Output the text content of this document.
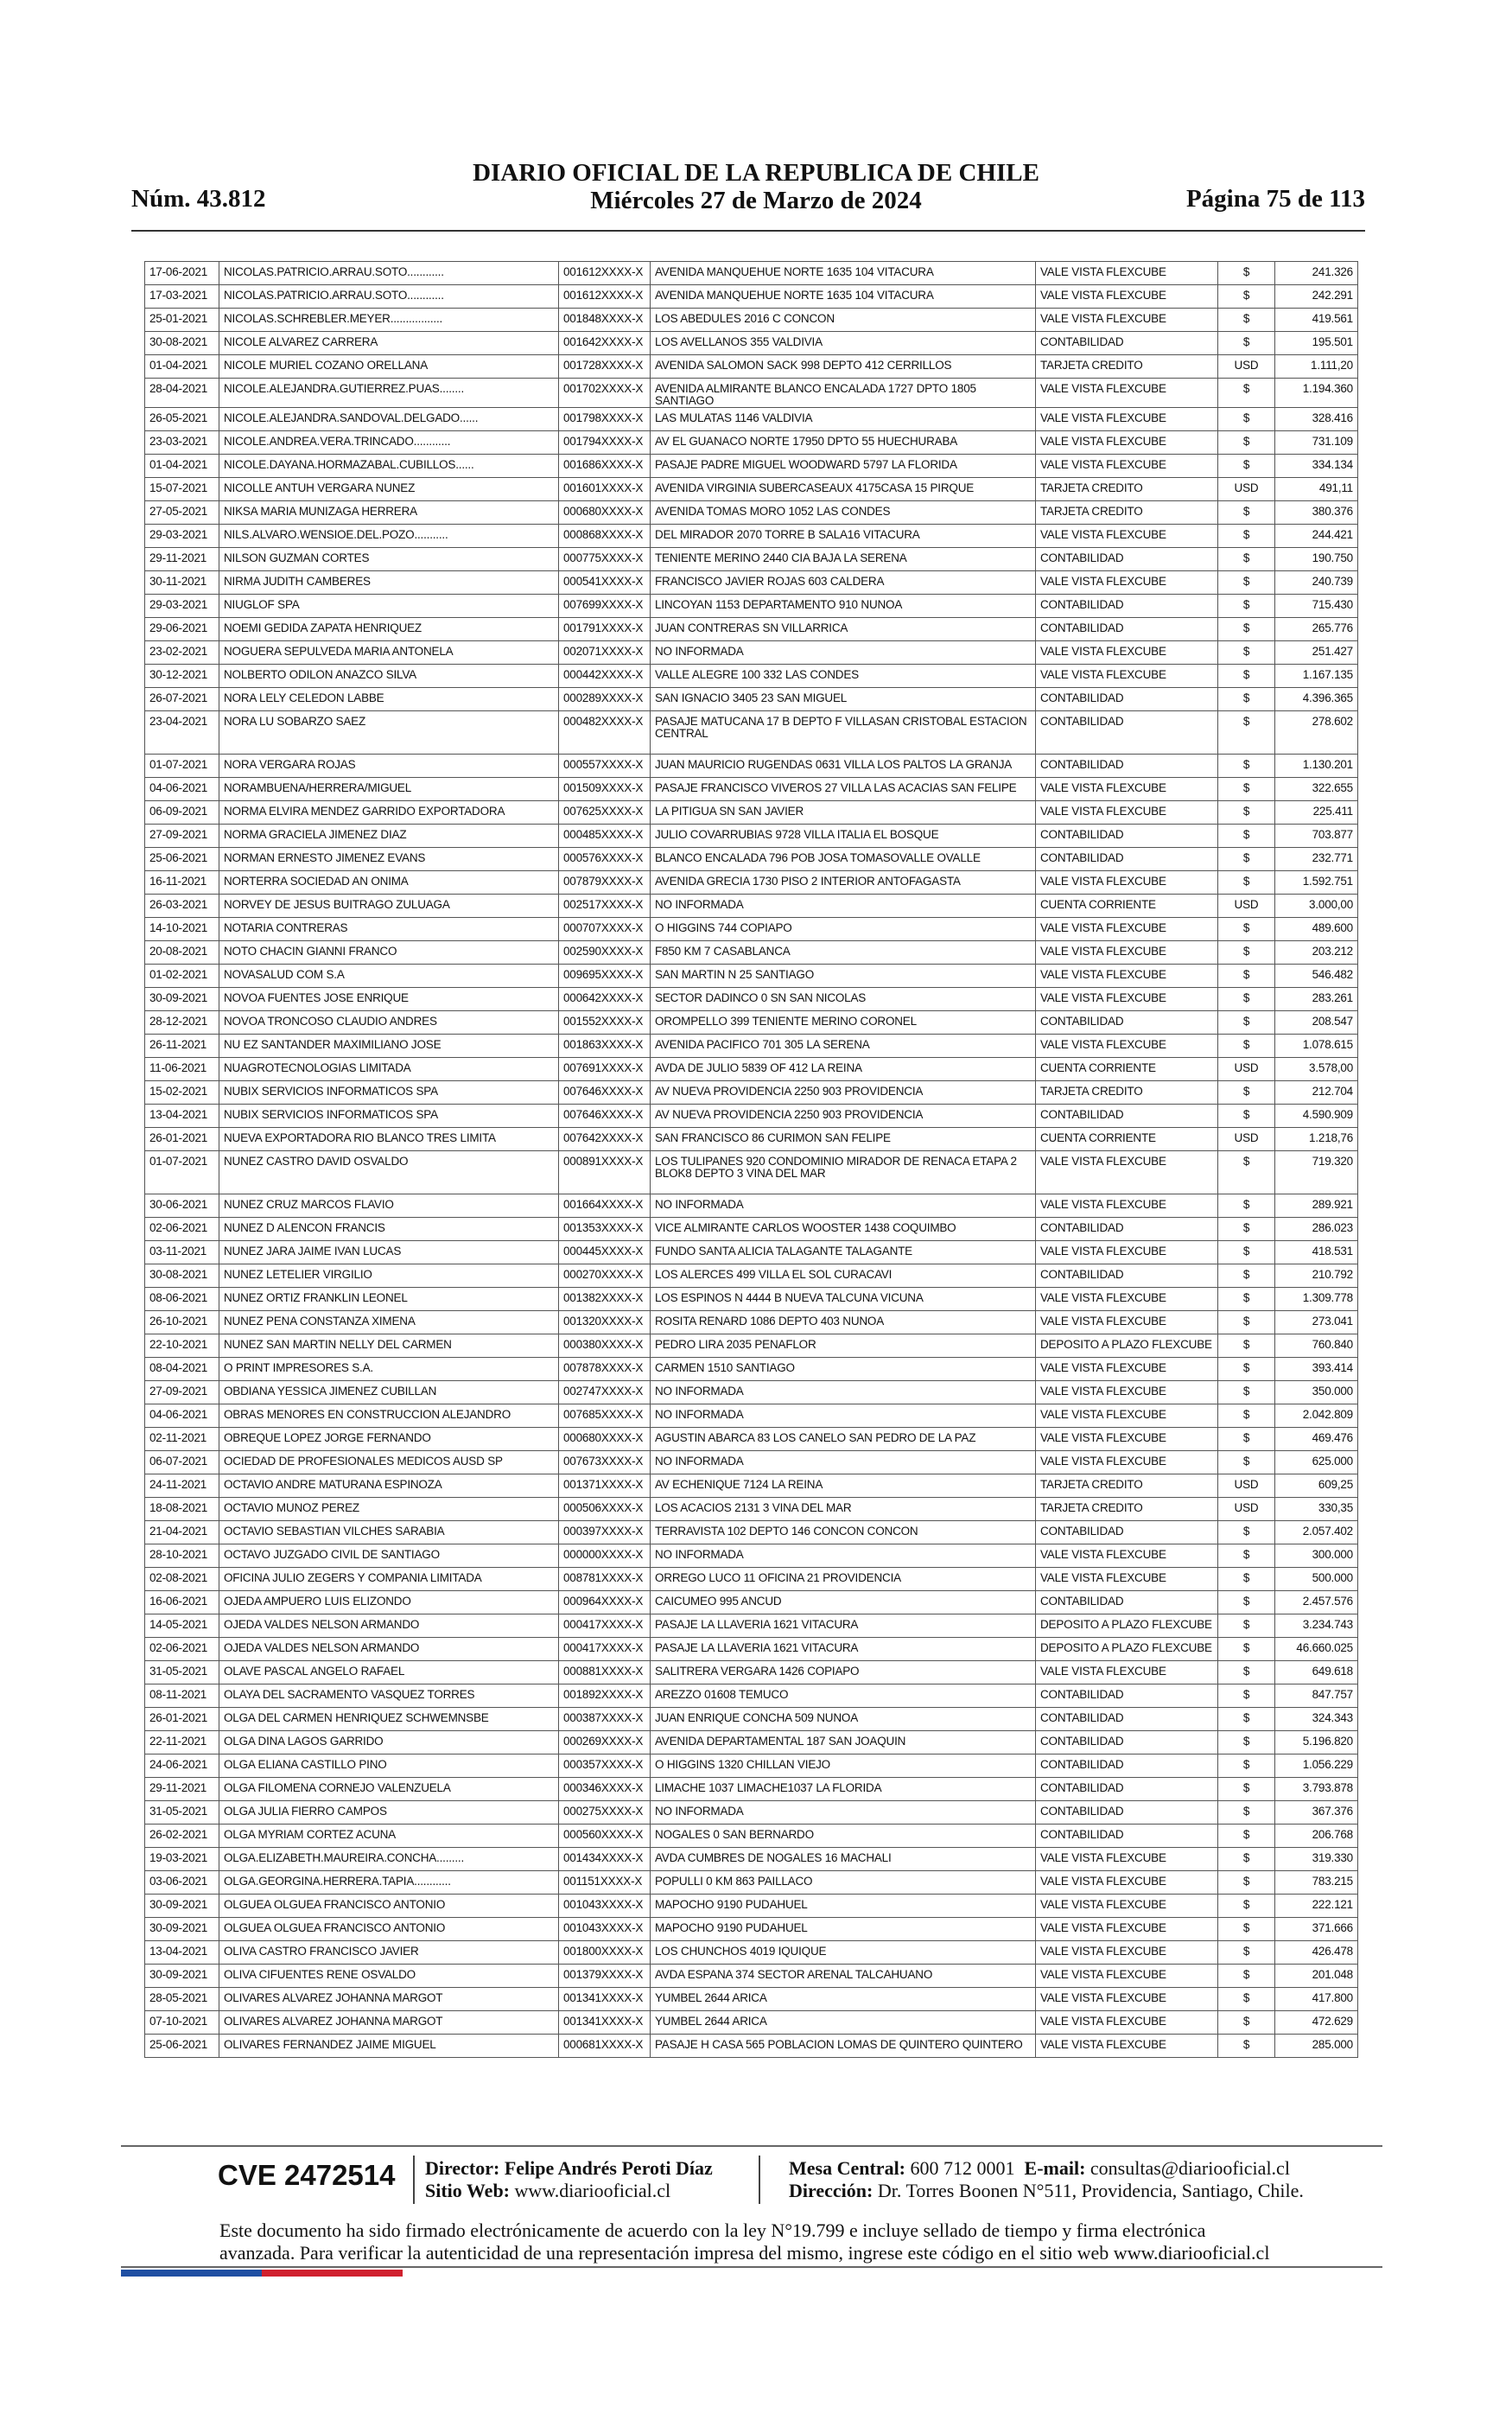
DIARIO OFICIAL DE LA REPUBLICA DE CHILE
Miércoles 27 de Marzo de 2024
Núm. 43.812	Página 75 de 113
17-06-2021	NICOLAS.PATRICIO.ARRAU.SOTO............	001612XXXX-X	AVENIDA MANQUEHUE NORTE 1635 104 VITACURA	VALE VISTA FLEXCUBE	$	241.326
17-03-2021	NICOLAS.PATRICIO.ARRAU.SOTO............	001612XXXX-X	AVENIDA MANQUEHUE NORTE 1635 104 VITACURA	VALE VISTA FLEXCUBE	$	242.291
25-01-2021	NICOLAS.SCHREBLER.MEYER.................	001848XXXX-X	LOS ABEDULES 2016 C CONCON	VALE VISTA FLEXCUBE	$	419.561
30-08-2021	NICOLE ALVAREZ CARRERA	001642XXXX-X	LOS AVELLANOS 355 VALDIVIA	CONTABILIDAD	$	195.501
01-04-2021	NICOLE MURIEL COZANO ORELLANA	001728XXXX-X	AVENIDA SALOMON SACK 998 DEPTO 412 CERRILLOS	TARJETA CREDITO	USD	1.111,20
28-04-2021	NICOLE.ALEJANDRA.GUTIERREZ.PUAS........	001702XXXX-X	AVENIDA ALMIRANTE BLANCO ENCALADA 1727 DPTO 1805 SANTIAGO	VALE VISTA FLEXCUBE	$	1.194.360
26-05-2021	NICOLE.ALEJANDRA.SANDOVAL.DELGADO......	001798XXXX-X	LAS MULATAS 1146 VALDIVIA	VALE VISTA FLEXCUBE	$	328.416
23-03-2021	NICOLE.ANDREA.VERA.TRINCADO............	001794XXXX-X	AV EL GUANACO NORTE 17950 DPTO 55 HUECHURABA	VALE VISTA FLEXCUBE	$	731.109
01-04-2021	NICOLE.DAYANA.HORMAZABAL.CUBILLOS......	001686XXXX-X	PASAJE PADRE MIGUEL WOODWARD 5797 LA FLORIDA	VALE VISTA FLEXCUBE	$	334.134
15-07-2021	NICOLLE ANTUH VERGARA NUNEZ	001601XXXX-X	AVENIDA VIRGINIA SUBERCASEAUX 4175CASA 15 PIRQUE	TARJETA CREDITO	USD	491,11
27-05-2021	NIKSA MARIA MUNIZAGA HERRERA	000680XXXX-X	AVENIDA TOMAS MORO 1052 LAS CONDES	TARJETA CREDITO	$	380.376
29-03-2021	NILS.ALVARO.WENSIOE.DEL.POZO...........	000868XXXX-X	DEL MIRADOR 2070 TORRE B SALA16 VITACURA	VALE VISTA FLEXCUBE	$	244.421
29-11-2021	NILSON GUZMAN CORTES	000775XXXX-X	TENIENTE MERINO 2440 CIA BAJA LA SERENA	CONTABILIDAD	$	190.750
30-11-2021	NIRMA JUDITH CAMBERES	000541XXXX-X	FRANCISCO JAVIER ROJAS 603 CALDERA	VALE VISTA FLEXCUBE	$	240.739
29-03-2021	NIUGLOF SPA	007699XXXX-X	LINCOYAN 1153 DEPARTAMENTO 910 NUNOA	CONTABILIDAD	$	715.430
29-06-2021	NOEMI GEDIDA ZAPATA HENRIQUEZ	001791XXXX-X	JUAN CONTRERAS SN VILLARRICA	CONTABILIDAD	$	265.776
23-02-2021	NOGUERA SEPULVEDA MARIA ANTONELA	002071XXXX-X	NO INFORMADA	VALE VISTA FLEXCUBE	$	251.427
30-12-2021	NOLBERTO ODILON ANAZCO SILVA	000442XXXX-X	VALLE ALEGRE 100 332 LAS CONDES	VALE VISTA FLEXCUBE	$	1.167.135
26-07-2021	NORA LELY CELEDON LABBE	000289XXXX-X	SAN IGNACIO 3405 23 SAN MIGUEL	CONTABILIDAD	$	4.396.365
23-04-2021	NORA LU SOBARZO SAEZ	000482XXXX-X	PASAJE MATUCANA 17 B DEPTO F VILLASAN CRISTOBAL ESTACION CENTRAL	CONTABILIDAD	$	278.602
01-07-2021	NORA VERGARA ROJAS	000557XXXX-X	JUAN MAURICIO RUGENDAS 0631 VILLA LOS PALTOS LA GRANJA	CONTABILIDAD	$	1.130.201
04-06-2021	NORAMBUENA/HERRERA/MIGUEL	001509XXXX-X	PASAJE FRANCISCO VIVEROS 27 VILLA LAS ACACIAS SAN FELIPE	VALE VISTA FLEXCUBE	$	322.655
06-09-2021	NORMA ELVIRA MENDEZ GARRIDO EXPORTADORA	007625XXXX-X	LA PITIGUA SN SAN JAVIER	VALE VISTA FLEXCUBE	$	225.411
27-09-2021	NORMA GRACIELA JIMENEZ DIAZ	000485XXXX-X	JULIO COVARRUBIAS 9728 VILLA ITALIA EL BOSQUE	CONTABILIDAD	$	703.877
25-06-2021	NORMAN ERNESTO JIMENEZ EVANS	000576XXXX-X	BLANCO ENCALADA 796 POB JOSA TOMASOVALLE OVALLE	CONTABILIDAD	$	232.771
16-11-2021	NORTERRA SOCIEDAD AN ONIMA	007879XXXX-X	AVENIDA GRECIA 1730 PISO 2 INTERIOR ANTOFAGASTA	VALE VISTA FLEXCUBE	$	1.592.751
26-03-2021	NORVEY DE JESUS BUITRAGO ZULUAGA	002517XXXX-X	NO INFORMADA	CUENTA CORRIENTE	USD	3.000,00
14-10-2021	NOTARIA CONTRERAS	000707XXXX-X	O HIGGINS 744 COPIAPO	VALE VISTA FLEXCUBE	$	489.600
20-08-2021	NOTO CHACIN GIANNI FRANCO	002590XXXX-X	F850 KM 7 CASABLANCA	VALE VISTA FLEXCUBE	$	203.212
01-02-2021	NOVASALUD COM S.A	009695XXXX-X	SAN MARTIN N 25 SANTIAGO	VALE VISTA FLEXCUBE	$	546.482
30-09-2021	NOVOA FUENTES JOSE ENRIQUE	000642XXXX-X	SECTOR DADINCO 0 SN SAN NICOLAS	VALE VISTA FLEXCUBE	$	283.261
28-12-2021	NOVOA TRONCOSO CLAUDIO ANDRES	001552XXXX-X	OROMPELLO 399 TENIENTE MERINO CORONEL	CONTABILIDAD	$	208.547
26-11-2021	NU EZ SANTANDER MAXIMILIANO JOSE	001863XXXX-X	AVENIDA PACIFICO 701 305 LA SERENA	VALE VISTA FLEXCUBE	$	1.078.615
11-06-2021	NUAGROTECNOLOGIAS LIMITADA	007691XXXX-X	AVDA DE JULIO 5839 OF 412 LA REINA	CUENTA CORRIENTE	USD	3.578,00
15-02-2021	NUBIX SERVICIOS INFORMATICOS SPA	007646XXXX-X	AV NUEVA PROVIDENCIA 2250 903 PROVIDENCIA	TARJETA CREDITO	$	212.704
13-04-2021	NUBIX SERVICIOS INFORMATICOS SPA	007646XXXX-X	AV NUEVA PROVIDENCIA 2250 903 PROVIDENCIA	CONTABILIDAD	$	4.590.909
26-01-2021	NUEVA EXPORTADORA RIO BLANCO TRES LIMITA	007642XXXX-X	SAN FRANCISCO 86 CURIMON SAN FELIPE	CUENTA CORRIENTE	USD	1.218,76
01-07-2021	NUNEZ CASTRO DAVID OSVALDO	000891XXXX-X	LOS TULIPANES 920 CONDOMINIO MIRADOR DE RENACA ETAPA 2 BLOK8 DEPTO 3 VINA DEL MAR	VALE VISTA FLEXCUBE	$	719.320
30-06-2021	NUNEZ CRUZ MARCOS FLAVIO	001664XXXX-X	NO INFORMADA	VALE VISTA FLEXCUBE	$	289.921
02-06-2021	NUNEZ D ALENCON FRANCIS	001353XXXX-X	VICE ALMIRANTE CARLOS WOOSTER 1438 COQUIMBO	CONTABILIDAD	$	286.023
03-11-2021	NUNEZ JARA JAIME IVAN LUCAS	000445XXXX-X	FUNDO SANTA ALICIA TALAGANTE TALAGANTE	VALE VISTA FLEXCUBE	$	418.531
30-08-2021	NUNEZ LETELIER VIRGILIO	000270XXXX-X	LOS ALERCES 499 VILLA EL SOL CURACAVI	CONTABILIDAD	$	210.792
08-06-2021	NUNEZ ORTIZ FRANKLIN LEONEL	001382XXXX-X	LOS ESPINOS N 4444 B NUEVA TALCUNA VICUNA	VALE VISTA FLEXCUBE	$	1.309.778
26-10-2021	NUNEZ PENA CONSTANZA XIMENA	001320XXXX-X	ROSITA RENARD 1086 DEPTO 403 NUNOA	VALE VISTA FLEXCUBE	$	273.041
22-10-2021	NUNEZ SAN MARTIN NELLY DEL CARMEN	000380XXXX-X	PEDRO LIRA 2035 PENAFLOR	DEPOSITO A PLAZO FLEXCUBE	$	760.840
08-04-2021	O PRINT IMPRESORES S.A.	007878XXXX-X	CARMEN 1510 SANTIAGO	VALE VISTA FLEXCUBE	$	393.414
27-09-2021	OBDIANA YESSICA JIMENEZ CUBILLAN	002747XXXX-X	NO INFORMADA	VALE VISTA FLEXCUBE	$	350.000
04-06-2021	OBRAS MENORES EN CONSTRUCCION ALEJANDRO	007685XXXX-X	NO INFORMADA	VALE VISTA FLEXCUBE	$	2.042.809
02-11-2021	OBREQUE LOPEZ JORGE FERNANDO	000680XXXX-X	AGUSTIN ABARCA 83 LOS CANELO SAN PEDRO DE LA PAZ	VALE VISTA FLEXCUBE	$	469.476
06-07-2021	OCIEDAD DE PROFESIONALES MEDICOS AUSD SP	007673XXXX-X	NO INFORMADA	VALE VISTA FLEXCUBE	$	625.000
24-11-2021	OCTAVIO ANDRE MATURANA ESPINOZA	001371XXXX-X	AV ECHENIQUE 7124 LA REINA	TARJETA CREDITO	USD	609,25
18-08-2021	OCTAVIO MUNOZ PEREZ	000506XXXX-X	LOS ACACIOS 2131 3 VINA DEL MAR	TARJETA CREDITO	USD	330,35
21-04-2021	OCTAVIO SEBASTIAN VILCHES SARABIA	000397XXXX-X	TERRAVISTA 102 DEPTO 146 CONCON CONCON	CONTABILIDAD	$	2.057.402
28-10-2021	OCTAVO JUZGADO CIVIL DE SANTIAGO	000000XXXX-X	NO INFORMADA	VALE VISTA FLEXCUBE	$	300.000
02-08-2021	OFICINA JULIO ZEGERS Y COMPANIA LIMITADA	008781XXXX-X	ORREGO LUCO 11 OFICINA 21 PROVIDENCIA	VALE VISTA FLEXCUBE	$	500.000
16-06-2021	OJEDA AMPUERO LUIS ELIZONDO	000964XXXX-X	CAICUMEO 995 ANCUD	CONTABILIDAD	$	2.457.576
14-05-2021	OJEDA VALDES NELSON ARMANDO	000417XXXX-X	PASAJE LA LLAVERIA 1621 VITACURA	DEPOSITO A PLAZO FLEXCUBE	$	3.234.743
02-06-2021	OJEDA VALDES NELSON ARMANDO	000417XXXX-X	PASAJE LA LLAVERIA 1621 VITACURA	DEPOSITO A PLAZO FLEXCUBE	$	46.660.025
31-05-2021	OLAVE PASCAL ANGELO RAFAEL	000881XXXX-X	SALITRERA VERGARA 1426 COPIAPO	VALE VISTA FLEXCUBE	$	649.618
08-11-2021	OLAYA DEL SACRAMENTO VASQUEZ TORRES	001892XXXX-X	AREZZO 01608 TEMUCO	CONTABILIDAD	$	847.757
26-01-2021	OLGA DEL CARMEN HENRIQUEZ SCHWEMNSBE	000387XXXX-X	JUAN ENRIQUE CONCHA 509 NUNOA	CONTABILIDAD	$	324.343
22-11-2021	OLGA DINA LAGOS GARRIDO	000269XXXX-X	AVENIDA DEPARTAMENTAL 187 SAN JOAQUIN	CONTABILIDAD	$	5.196.820
24-06-2021	OLGA ELIANA CASTILLO PINO	000357XXXX-X	O HIGGINS 1320 CHILLAN VIEJO	CONTABILIDAD	$	1.056.229
29-11-2021	OLGA FILOMENA CORNEJO VALENZUELA	000346XXXX-X	LIMACHE 1037 LIMACHE1037 LA FLORIDA	CONTABILIDAD	$	3.793.878
31-05-2021	OLGA JULIA FIERRO CAMPOS	000275XXXX-X	NO INFORMADA	CONTABILIDAD	$	367.376
26-02-2021	OLGA MYRIAM CORTEZ ACUNA	000560XXXX-X	NOGALES 0 SAN BERNARDO	CONTABILIDAD	$	206.768
19-03-2021	OLGA.ELIZABETH.MAUREIRA.CONCHA.........	001434XXXX-X	AVDA CUMBRES DE NOGALES 16 MACHALI	VALE VISTA FLEXCUBE	$	319.330
03-06-2021	OLGA.GEORGINA.HERRERA.TAPIA............	001151XXXX-X	POPULLI 0 KM 863 PAILLACO	VALE VISTA FLEXCUBE	$	783.215
30-09-2021	OLGUEA OLGUEA FRANCISCO ANTONIO	001043XXXX-X	MAPOCHO 9190 PUDAHUEL	VALE VISTA FLEXCUBE	$	222.121
30-09-2021	OLGUEA OLGUEA FRANCISCO ANTONIO	001043XXXX-X	MAPOCHO 9190 PUDAHUEL	VALE VISTA FLEXCUBE	$	371.666
13-04-2021	OLIVA CASTRO FRANCISCO JAVIER	001800XXXX-X	LOS CHUNCHOS 4019 IQUIQUE	VALE VISTA FLEXCUBE	$	426.478
30-09-2021	OLIVA CIFUENTES RENE OSVALDO	001379XXXX-X	AVDA ESPANA 374 SECTOR ARENAL TALCAHUANO	VALE VISTA FLEXCUBE	$	201.048
28-05-2021	OLIVARES ALVAREZ JOHANNA MARGOT	001341XXXX-X	YUMBEL 2644 ARICA	VALE VISTA FLEXCUBE	$	417.800
07-10-2021	OLIVARES ALVAREZ JOHANNA MARGOT	001341XXXX-X	YUMBEL 2644 ARICA	VALE VISTA FLEXCUBE	$	472.629
25-06-2021	OLIVARES FERNANDEZ JAIME MIGUEL	000681XXXX-X	PASAJE H CASA 565 POBLACION LOMAS DE QUINTERO QUINTERO	VALE VISTA FLEXCUBE	$	285.000
CVE 2472514 Director: Felipe Andrés Peroti Díaz
Sitio Web: www.diariooficial.cl
Mesa Central: 600 712 0001 E-mail: consultas@diariooficial.cl
Dirección: Dr. Torres Boonen N°511, Providencia, Santiago, Chile.
Este documento ha sido firmado electrónicamente de acuerdo con la ley N°19.799 e incluye sellado de tiempo y firma electrónica
avanzada. Para verificar la autenticidad de una representación impresa del mismo, ingrese este código en el sitio web www.diariooficial.cl
